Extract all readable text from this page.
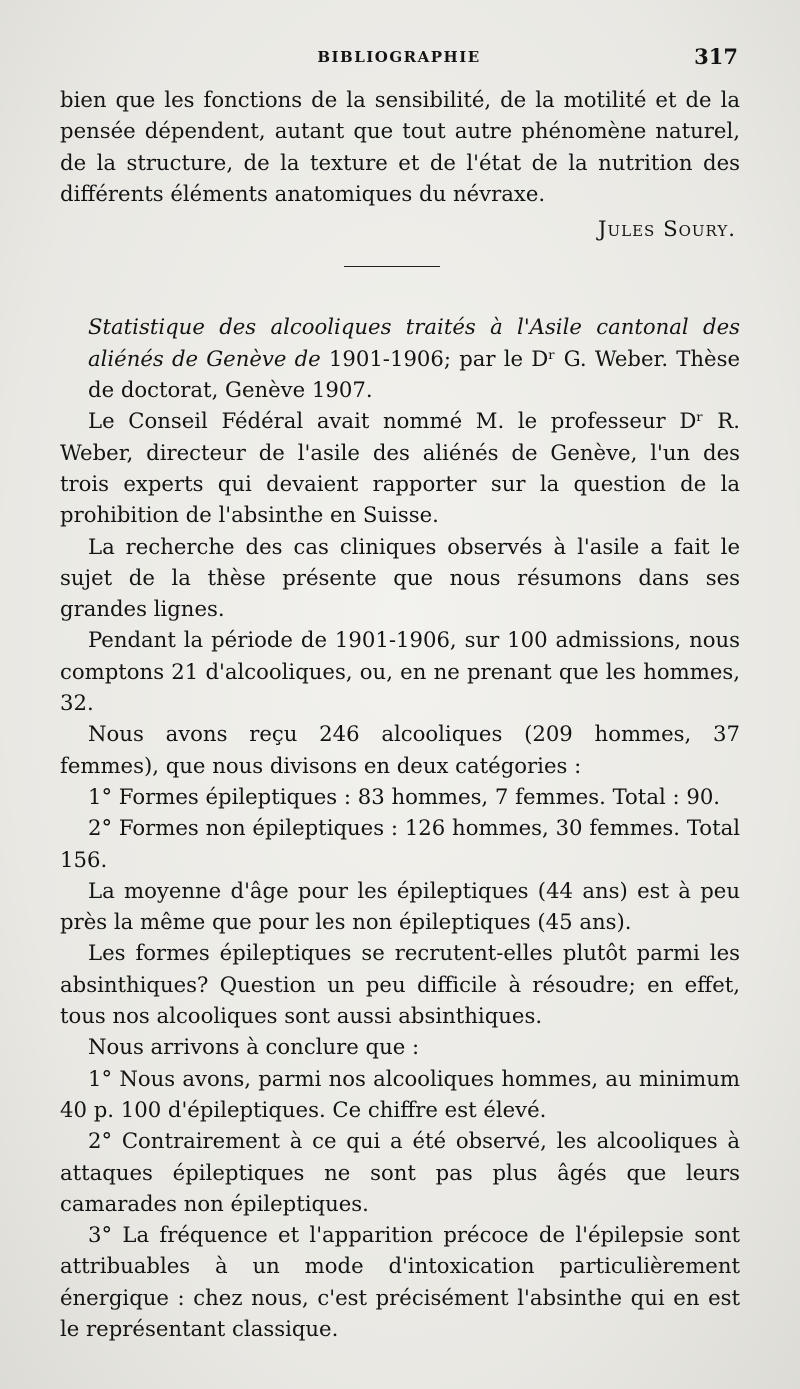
BIBLIOGRAPHIE	317

bien que les fonctions de la sensibilité, de la motilité et de la pensée dépendent, autant que tout autre phénomène naturel, de la structure, de la texture et de l'état de la nutrition des différents éléments anatomiques du névraxe.

Jules Soury.

Statistique des alcooliques traités à l'Asile cantonal des aliénés de Genève de 1901-1906; par le Dʳ G. Weber. Thèse de doctorat, Genève 1907.

Le Conseil Fédéral avait nommé M. le professeur Dʳ R. Weber, directeur de l'asile des aliénés de Genève, l'un des trois experts qui devaient rapporter sur la question de la prohibition de l'absinthe en Suisse.

La recherche des cas cliniques observés à l'asile a fait le sujet de la thèse présente que nous résumons dans ses grandes lignes.

Pendant la période de 1901-1906, sur 100 admissions, nous comptons 21 d'alcooliques, ou, en ne prenant que les hommes, 32.

Nous avons reçu 246 alcooliques (209 hommes, 37 femmes), que nous divisons en deux catégories :

1° Formes épileptiques : 83 hommes, 7 femmes. Total : 90.

2° Formes non épileptiques : 126 hommes, 30 femmes. Total 156.

La moyenne d'âge pour les épileptiques (44 ans) est à peu près la même que pour les non épileptiques (45 ans).

Les formes épileptiques se recrutent-elles plutôt parmi les absinthiques? Question un peu difficile à résoudre; en effet, tous nos alcooliques sont aussi absinthiques.

Nous arrivons à conclure que :

1° Nous avons, parmi nos alcooliques hommes, au minimum 40 p. 100 d'épileptiques. Ce chiffre est élevé.

2° Contrairement à ce qui a été observé, les alcooliques à attaques épileptiques ne sont pas plus âgés que leurs camarades non épileptiques.

3° La fréquence et l'apparition précoce de l'épilepsie sont attribuables à un mode d'intoxication particulièrement énergique : chez nous, c'est précisément l'absinthe qui en est le représentant classique.
